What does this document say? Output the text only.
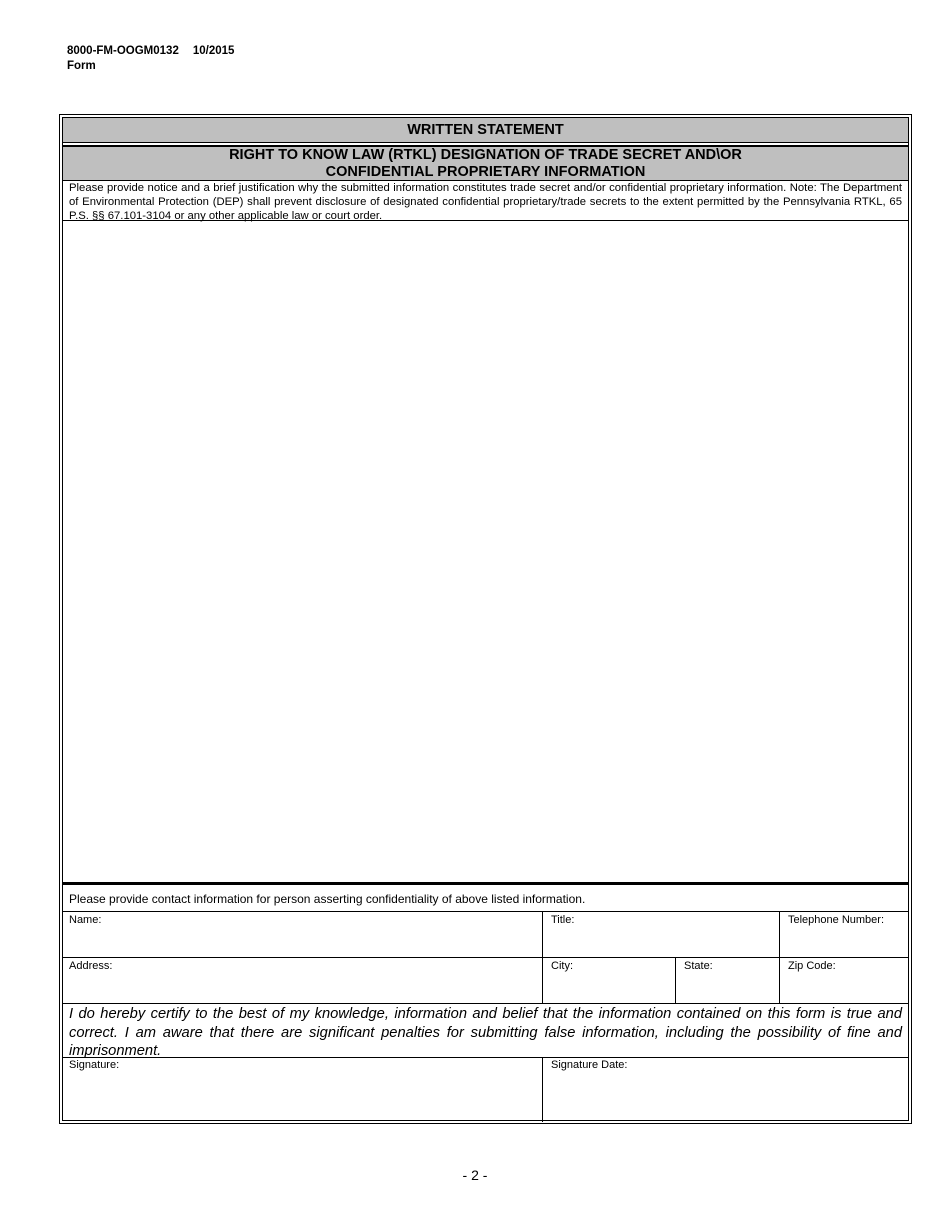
8000-FM-OOGM0132 10/2015
Form
WRITTEN STATEMENT
RIGHT TO KNOW LAW (RTKL) DESIGNATION OF TRADE SECRET AND\OR
CONFIDENTIAL PROPRIETARY INFORMATION
Please provide notice and a brief justification why the submitted information constitutes trade secret and/or confidential proprietary information. Note: The Department of Environmental Protection (DEP) shall prevent disclosure of designated confidential proprietary/trade secrets to the extent permitted by the Pennsylvania RTKL, 65 P.S. §§ 67.101-3104 or any other applicable law or court order.
Please provide contact information for person asserting confidentiality of above listed information.
Name:	Title:	Telephone Number:
Address:	City:	State:	Zip Code:
I do hereby certify to the best of my knowledge, information and belief that the information contained on this form is true and correct. I am aware that there are significant penalties for submitting false information, including the possibility of fine and imprisonment.
Signature:	Signature Date:
- 2 -
